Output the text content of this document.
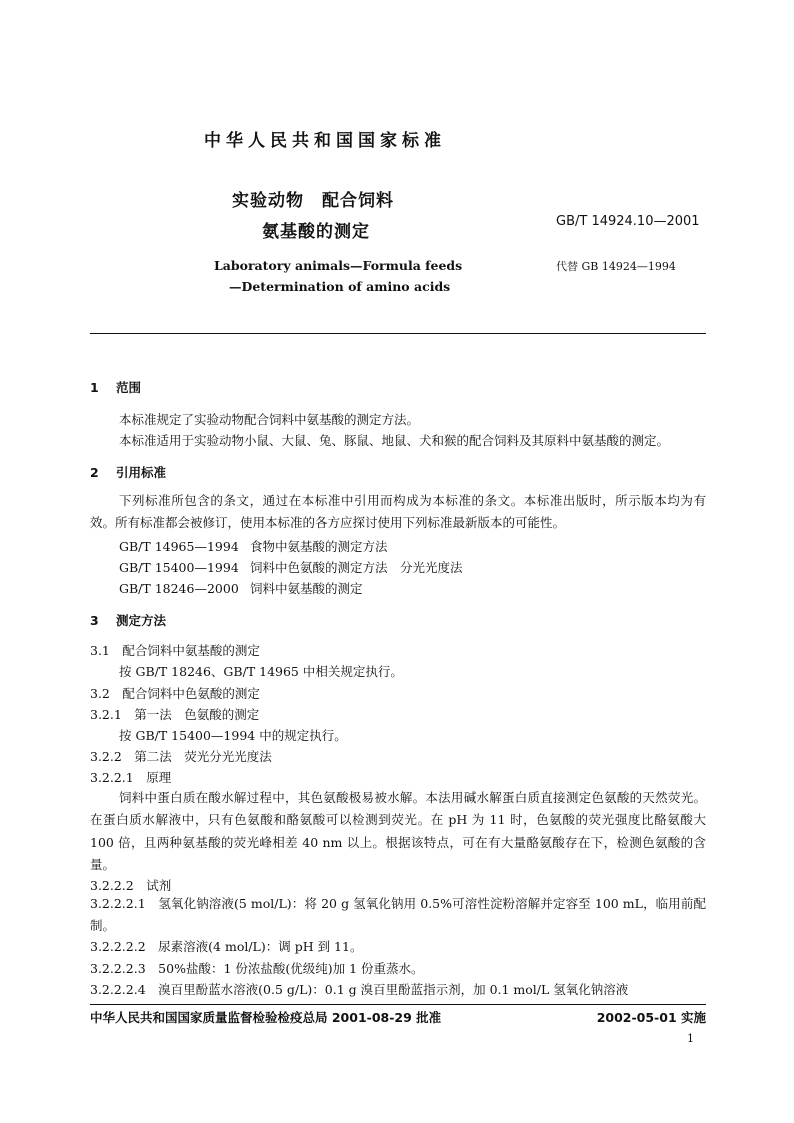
中华人民共和国国家标准
实验动物　配合饲料
氨基酸的测定
GB/T 14924.10—2001
Laboratory animals—Formula feeds
—Determination of amino acids
代替 GB 14924—1994
1 范围
本标准规定了实验动物配合饲料中氨基酸的测定方法。
本标准适用于实验动物小鼠、大鼠、兔、豚鼠、地鼠、犬和猴的配合饲料及其原料中氨基酸的测定。
2 引用标准
下列标准所包含的条文，通过在本标准中引用而构成为本标准的条文。本标准出版时，所示版本均为有效。所有标准都会被修订，使用本标准的各方应探讨使用下列标准最新版本的可能性。
GB/T 14965—1994 食物中氨基酸的测定方法
GB/T 15400—1994 饲料中色氨酸的测定方法　分光光度法
GB/T 18246—2000 饲料中氨基酸的测定
3 测定方法
3.1　配合饲料中氨基酸的测定
按 GB/T 18246、GB/T 14965 中相关规定执行。
3.2　配合饲料中色氨酸的测定
3.2.1　第一法　色氨酸的测定
按 GB/T 15400—1994 中的规定执行。
3.2.2　第二法　荧光分光光度法
3.2.2.1　原理
饲料中蛋白质在酸水解过程中，其色氨酸极易被水解。本法用碱水解蛋白质直接测定色氨酸的天然荧光。在蛋白质水解液中，只有色氨酸和酪氨酸可以检测到荧光。在 pH 为 11 时，色氨酸的荧光强度比酪氨酸大 100 倍，且两种氨基酸的荧光峰相差 40 nm 以上。根据该特点，可在有大量酪氨酸存在下，检测色氨酸的含量。
3.2.2.2　试剂
3.2.2.2.1　氢氧化钠溶液(5 mol/L)：将 20 g 氢氧化钠用 0.5%可溶性淀粉溶解并定容至 100 mL，临用前配制。
3.2.2.2.2　尿素溶液(4 mol/L)：调 pH 到 11。
3.2.2.2.3　50%盐酸：1 份浓盐酸(优级纯)加 1 份重蒸水。
3.2.2.2.4　溴百里酚蓝水溶液(0.5 g/L)：0.1 g 溴百里酚蓝指示剂，加 0.1 mol/L 氢氧化钠溶液
中华人民共和国国家质量监督检验检疫总局 2001-08-29 批准	2002-05-01 实施
1
